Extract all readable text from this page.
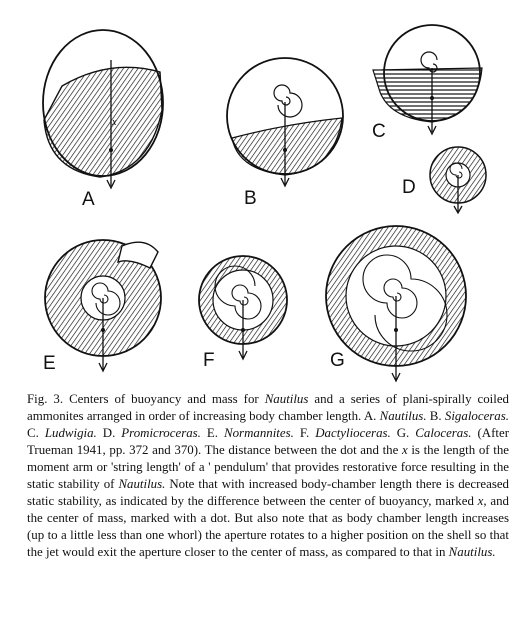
x
A	B
C
D
E	F	G

Fig. 3. Centers of buoyancy and mass for Nautilus and a series of plani-spirally coiled ammonites arranged in order of increasing body chamber length. A. Nautilus. B. Sigaloceras. C. Ludwigia. D. Promicroceras. E. Normannites. F. Dactylioceras. G. Caloceras. (After Trueman 1941, pp. 372 and 370). The distance between the dot and the x is the length of the moment arm or 'string length' of a ' pendulum' that provides restorative force resulting in the static stability of Nautilus. Note that with increased body-chamber length there is decreased static stability, as indicated by the difference between the center of buoyancy, marked x, and the center of mass, marked with a dot. But also note that as body chamber length increases (up to a little less than one whorl) the aperture rotates to a higher position on the shell so that the jet would exit the aperture closer to the center of mass, as compared to that in Nautilus.
